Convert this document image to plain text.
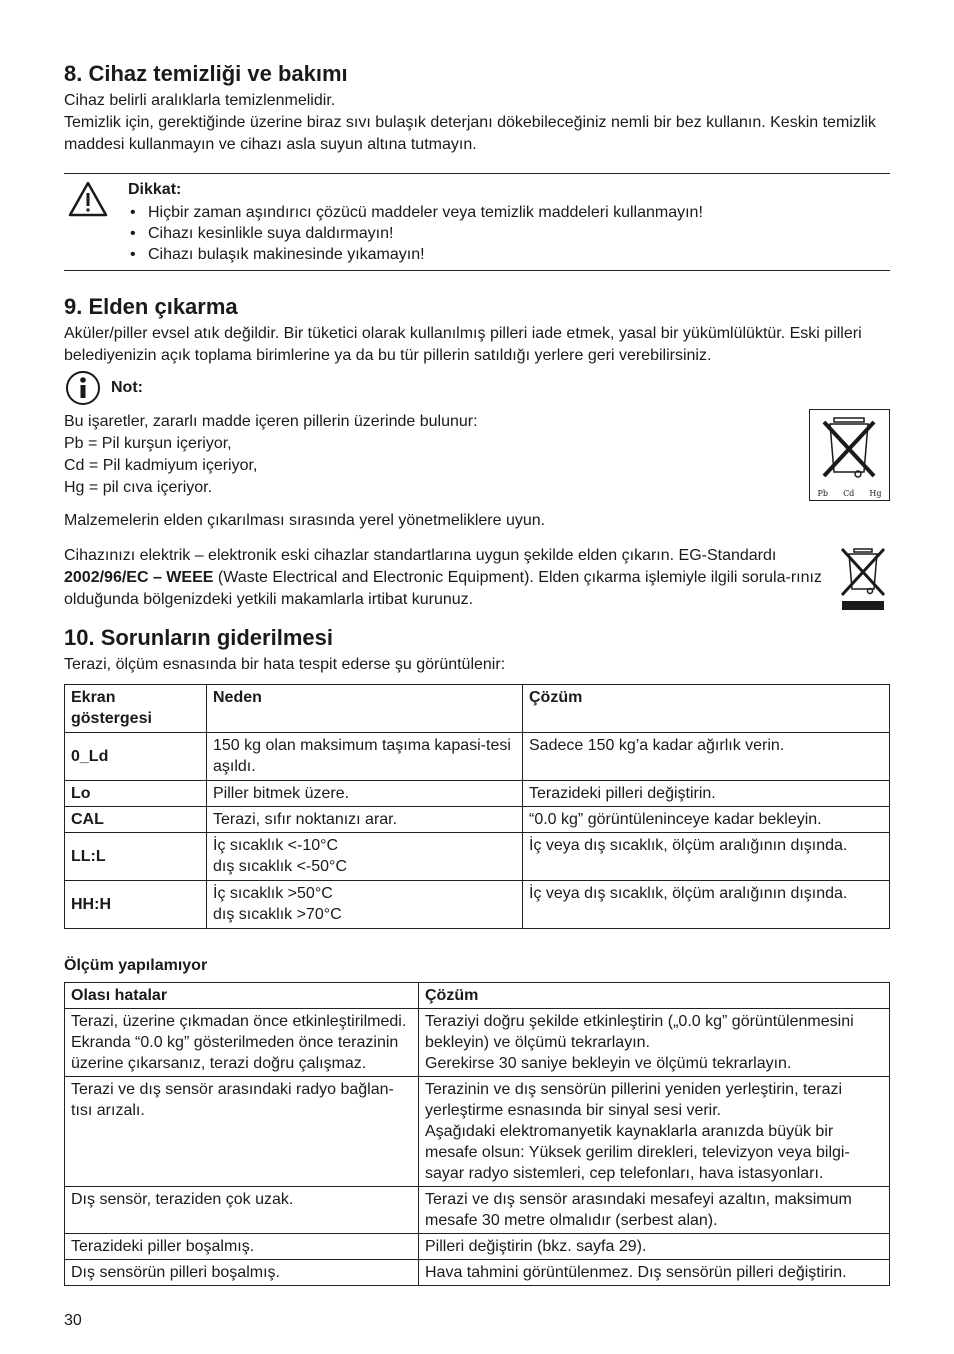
8. Cihaz temizliği ve bakımı

Cihaz belirli aralıklarla temizlenmelidir.

Temizlik için, gerektiğinde üzerine biraz sıvı bulaşık deterjanı dökebileceğiniz nemli bir bez kullanın. Keskin temizlik maddesi kullanmayın ve cihazı asla suyun altına tutmayın.

Dikkat:
• Hiçbir zaman aşındırıcı çözücü maddeler veya temizlik maddeleri kullanmayın!
• Cihazı kesinlikle suya daldırmayın!
• Cihazı bulaşık makinesinde yıkamayın!
9. Elden çıkarma

Aküler/piller evsel atık değildir. Bir tüketici olarak kullanılmış pilleri iade etmek, yasal bir yükümlülüktür. Eski pilleri belediyenizin açık toplama birimlerine ya da bu tür pillerin satıldığı yerlere geri verebilirsiniz.

Not:

Bu işaretler, zararlı madde içeren pillerin üzerinde bulunur:

Pb = Pil kurşun içeriyor,

Cd = Pil kadmiyum içeriyor,

Hg = pil cıva içeriyor.	Pb Cd Hg

Malzemelerin elden çıkarılması sırasında yerel yönetmeliklere uyun.

Cihazınızı elektrik – elektronik eski cihazlar standartlarına uygun şekilde elden çıkarın. EG-Standardı 2002/96/EC – WEEE (Waste Electrical and Electronic Equipment). Elden çıkarma işlemiyle ilgili sorula-rınız olduğunda bölgenizdeki yetkili makamlarla irtibat kurunuz.

10. Sorunların giderilmesi

Terazi, ölçüm esnasında bir hata tespit ederse şu görüntülenir:

Ekran göstergesi	Neden	Çözüm
0_Ld	150 kg olan maksimum taşıma kapasi-tesi aşıldı.	Sadece 150 kg’a kadar ağırlık verin.
Lo	Piller bitmek üzere.	Terazideki pilleri değiştirin.
CAL	Terazi, sıfır noktanızı arar.	“0.0 kg” görüntüleninceye kadar bekleyin.
LL:L	İç sıcaklık <-10°C
dış sıcaklık <-50°C	İç veya dış sıcaklık, ölçüm aralığının dışında.
HH:H	İç sıcaklık >50°C
dış sıcaklık >70°C	İç veya dış sıcaklık, ölçüm aralığının dışında.
Ölçüm yapılamıyor
Olası hatalar	Çözüm
Terazi, üzerine çıkmadan önce etkinleştirilmedi. Ekranda “0.0 kg” gösterilmeden önce terazinin üzerine çıkarsanız, terazi doğru çalışmaz.	Teraziyi doğru şekilde etkinleştirin („0.0 kg” görüntülenmesini bekleyin) ve ölçümü tekrarlayın.
Gerekirse 30 saniye bekleyin ve ölçümü tekrarlayın.
Terazi ve dış sensör arasındaki radyo bağlan-tısı arızalı.	Terazinin ve dış sensörün pillerini yeniden yerleştirin, terazi yerleştirme esnasında bir sinyal sesi verir.
Aşağıdaki elektromanyetik kaynaklarla aranızda büyük bir mesafe olsun: Yüksek gerilim direkleri, televizyon veya bilgi-sayar radyo sistemleri, cep telefonları, hava istasyonları.
Dış sensör, teraziden çok uzak.	Terazi ve dış sensör arasındaki mesafeyi azaltın, maksimum mesafe 30 metre olmalıdır (serbest alan).
Terazideki piller boşalmış.	Pilleri değiştirin (bkz. sayfa 29).
Dış sensörün pilleri boşalmış.	Hava tahmini görüntülenmez. Dış sensörün pilleri değiştirin.
30
